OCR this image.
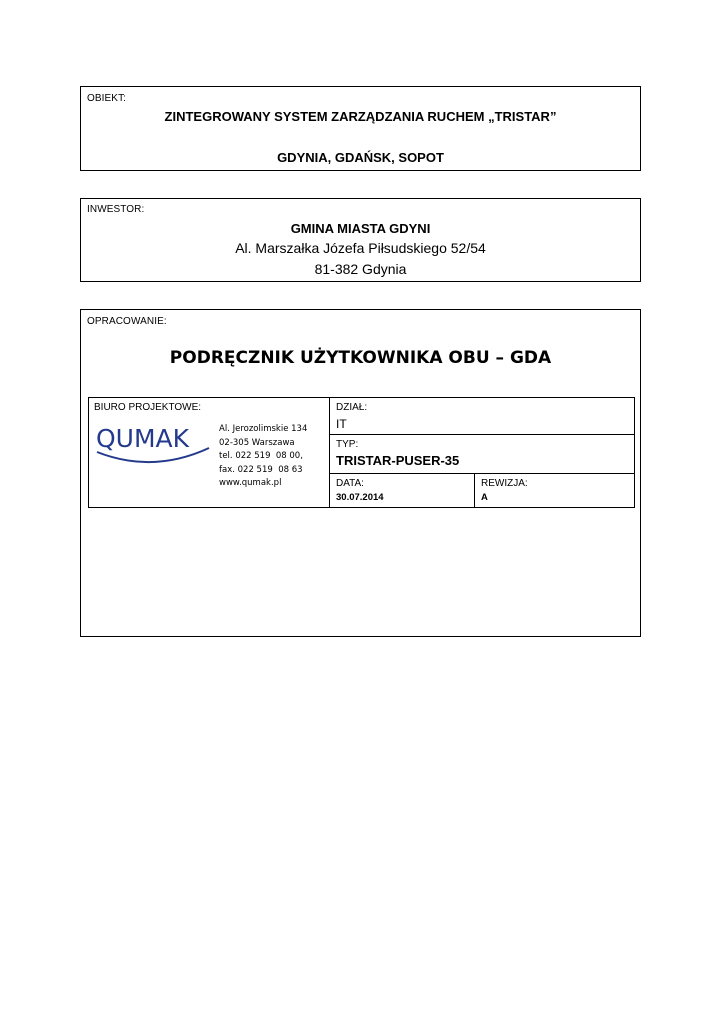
OBIEKT:
ZINTEGROWANY SYSTEM ZARZĄDZANIA RUCHEM „TRISTAR”
GDYNIA, GDAŃSK, SOPOT
INWESTOR:
GMINA MIASTA GDYNI
Al. Marszałka Józefa Piłsudskiego 52/54
81-382 Gdynia
OPRACOWANIE:
PODRĘCZNIK UŻYTKOWNIKA OBU – GDA
BIURO PROJEKTOWE:
QUMAK	Al. Jerozolimskie 134
02-305 Warszawa
tel. 022 519  08 00,
fax. 022 519  08 63
www.qumak.pl
DZIAŁ:
IT
TYP:
TRISTAR-PUSER-35
DATA:
30.07.2014
REWIZJA:
A
